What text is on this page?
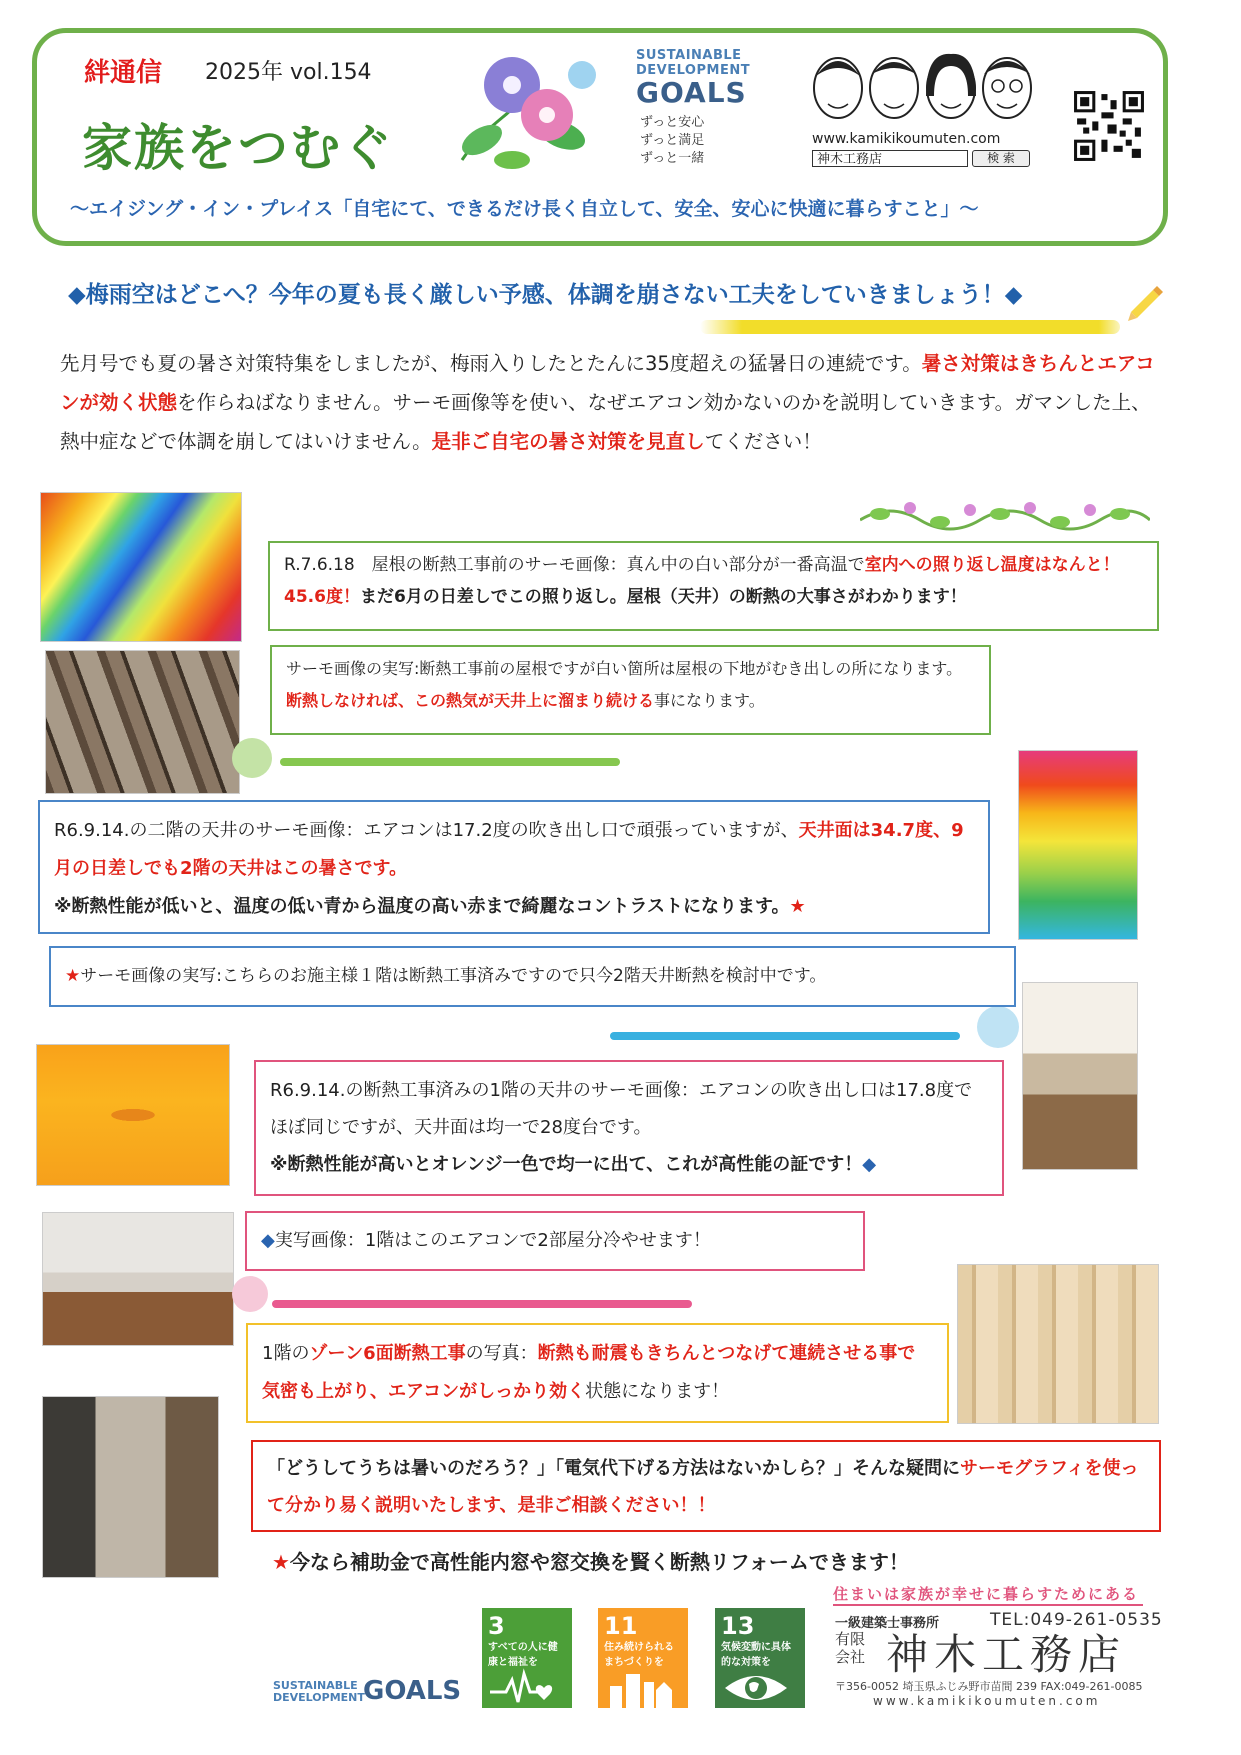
絆通信 2025年 vol.154
家族をつむぐ
SUSTAINABLE
DEVELOPMENT
GOALS
ずっと安心
ずっと満足
ずっと一緒
www.kamikikoumuten.com
神木工務店	検 索
～エイジング・イン・プレイス「自宅にて、できるだけ長く自立して、安全、安心に快適に暮らすこと」～
◆梅雨空はどこへ？今年の夏も長く厳しい予感、体調を崩さない工夫をしていきましょう！◆
先月号でも夏の暑さ対策特集をしましたが、梅雨入りしたとたんに35度超えの猛暑日の連続です。暑さ対策はきちんとエアコンが効く状態を作らねばなりません。サーモ画像等を使い、なぜエアコン効かないのかを説明していきます。ガマンした上、熱中症などで体調を崩してはいけません。是非ご自宅の暑さ対策を見直してください！
R.7.6.18　屋根の断熱工事前のサーモ画像：真ん中の白い部分が一番高温で室内への照り返し温度はなんと！45.6度！まだ6月の日差しでこの照り返し。屋根（天井）の断熱の大事さがわかります！
サーモ画像の実写:断熱工事前の屋根ですが白い箇所は屋根の下地がむき出しの所になります。
断熱しなければ、この熱気が天井上に溜まり続ける事になります。
R6.9.14.の二階の天井のサーモ画像：エアコンは17.2度の吹き出し口で頑張っていますが、天井面は34.7度、9月の日差しでも2階の天井はこの暑さです。
※断熱性能が低いと、温度の低い青から温度の高い赤まで綺麗なコントラストになります。★
★サーモ画像の実写:こちらのお施主様１階は断熱工事済みですので只今2階天井断熱を検討中です。
R6.9.14.の断熱工事済みの1階の天井のサーモ画像：エアコンの吹き出し口は17.8度でほぼ同じですが、天井面は均一で28度台です。
※断熱性能が高いとオレンジ一色で均一に出て、これが高性能の証です！◆
◆実写画像：1階はこのエアコンで2部屋分冷やせます！
1階のゾーン6面断熱工事の写真：断熱も耐震もきちんとつなげて連続させる事で気密も上がり、エアコンがしっかり効く状態になります！
「どうしてうちは暑いのだろう？」「電気代下げる方法はないかしら？」そんな疑問にサーモグラフィを使って分かり易く説明いたします、是非ご相談ください！！
★今なら補助金で高性能内窓や窓交換を賢く断熱リフォームできます！
SUSTAINABLE
DEVELOPMENT
GOALS
3
すべての人に健康と福祉を
11
住み続けられるまちづくりを
13
気候変動に具体的な対策を
住まいは家族が幸せに暮らすためにある
一級建築士事務所	TEL:049-261-0535
有限会社 神木工務店
〒356-0052 埼玉県ふじみ野市苗間 239 FAX:049-261-0085
www.kamikikoumuten.com
